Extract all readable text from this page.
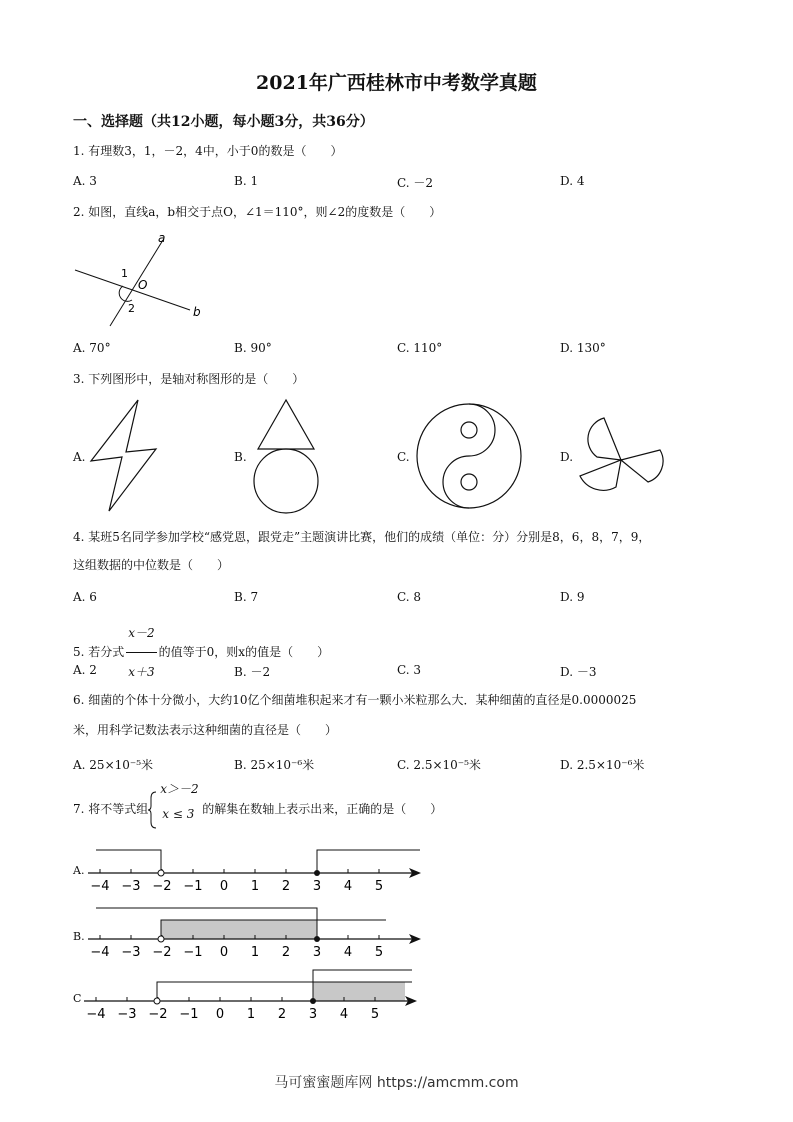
2021年广西桂林市中考数学真题
一、选择题（共12小题，每小题3分，共36分）
1. 有理数3，1，－2，4中，小于0的数是（　　）
A. 3	B. 1	C. －2	D. 4
2. 如图，直线a，b相交于点O，∠1＝110°，则∠2的度数是（　　）
a
b
O
1
2
A. 70°	B. 90°	C. 110°	D. 130°
3. 下列图形中，是轴对称图形的是（　　）
A.	B.	C.	D.
4. 某班5名同学参加学校“感党恩，跟党走”主题演讲比赛，他们的成绩（单位：分）分别是8，6，8，7，9，
这组数据的中位数是（　　）
A. 6	B. 7	C. 8	D. 9
5. 若分式 $\frac{x-2}{x+3}$ 的值等于0，则x的值是（　　）
A. 2	B. －2	C. 3	D. －3
6. 细菌的个体十分微小，大约10亿个细菌堆积起来才有一颗小米粒那么大．某种细菌的直径是0.0000025
米，用科学记数法表示这种细菌的直径是（　　）
A. 25×10⁻⁵米	B. 25×10⁻⁶米	C. 2.5×10⁻⁵米	D. 2.5×10⁻⁶米
7. 将不等式组
x＞－2
x ≤ 3 的解集在数轴上表示出来，正确的是（　　）
A.
−4 −3 −2 −1 0 1 2 3 4 5
B.
−4 −3 −2 −1 0 1 2 3 4 5
C
−4 −3 −2 −1 0 1 2 3 4 5
马可蜜蜜题库网 https://amcmm.com
